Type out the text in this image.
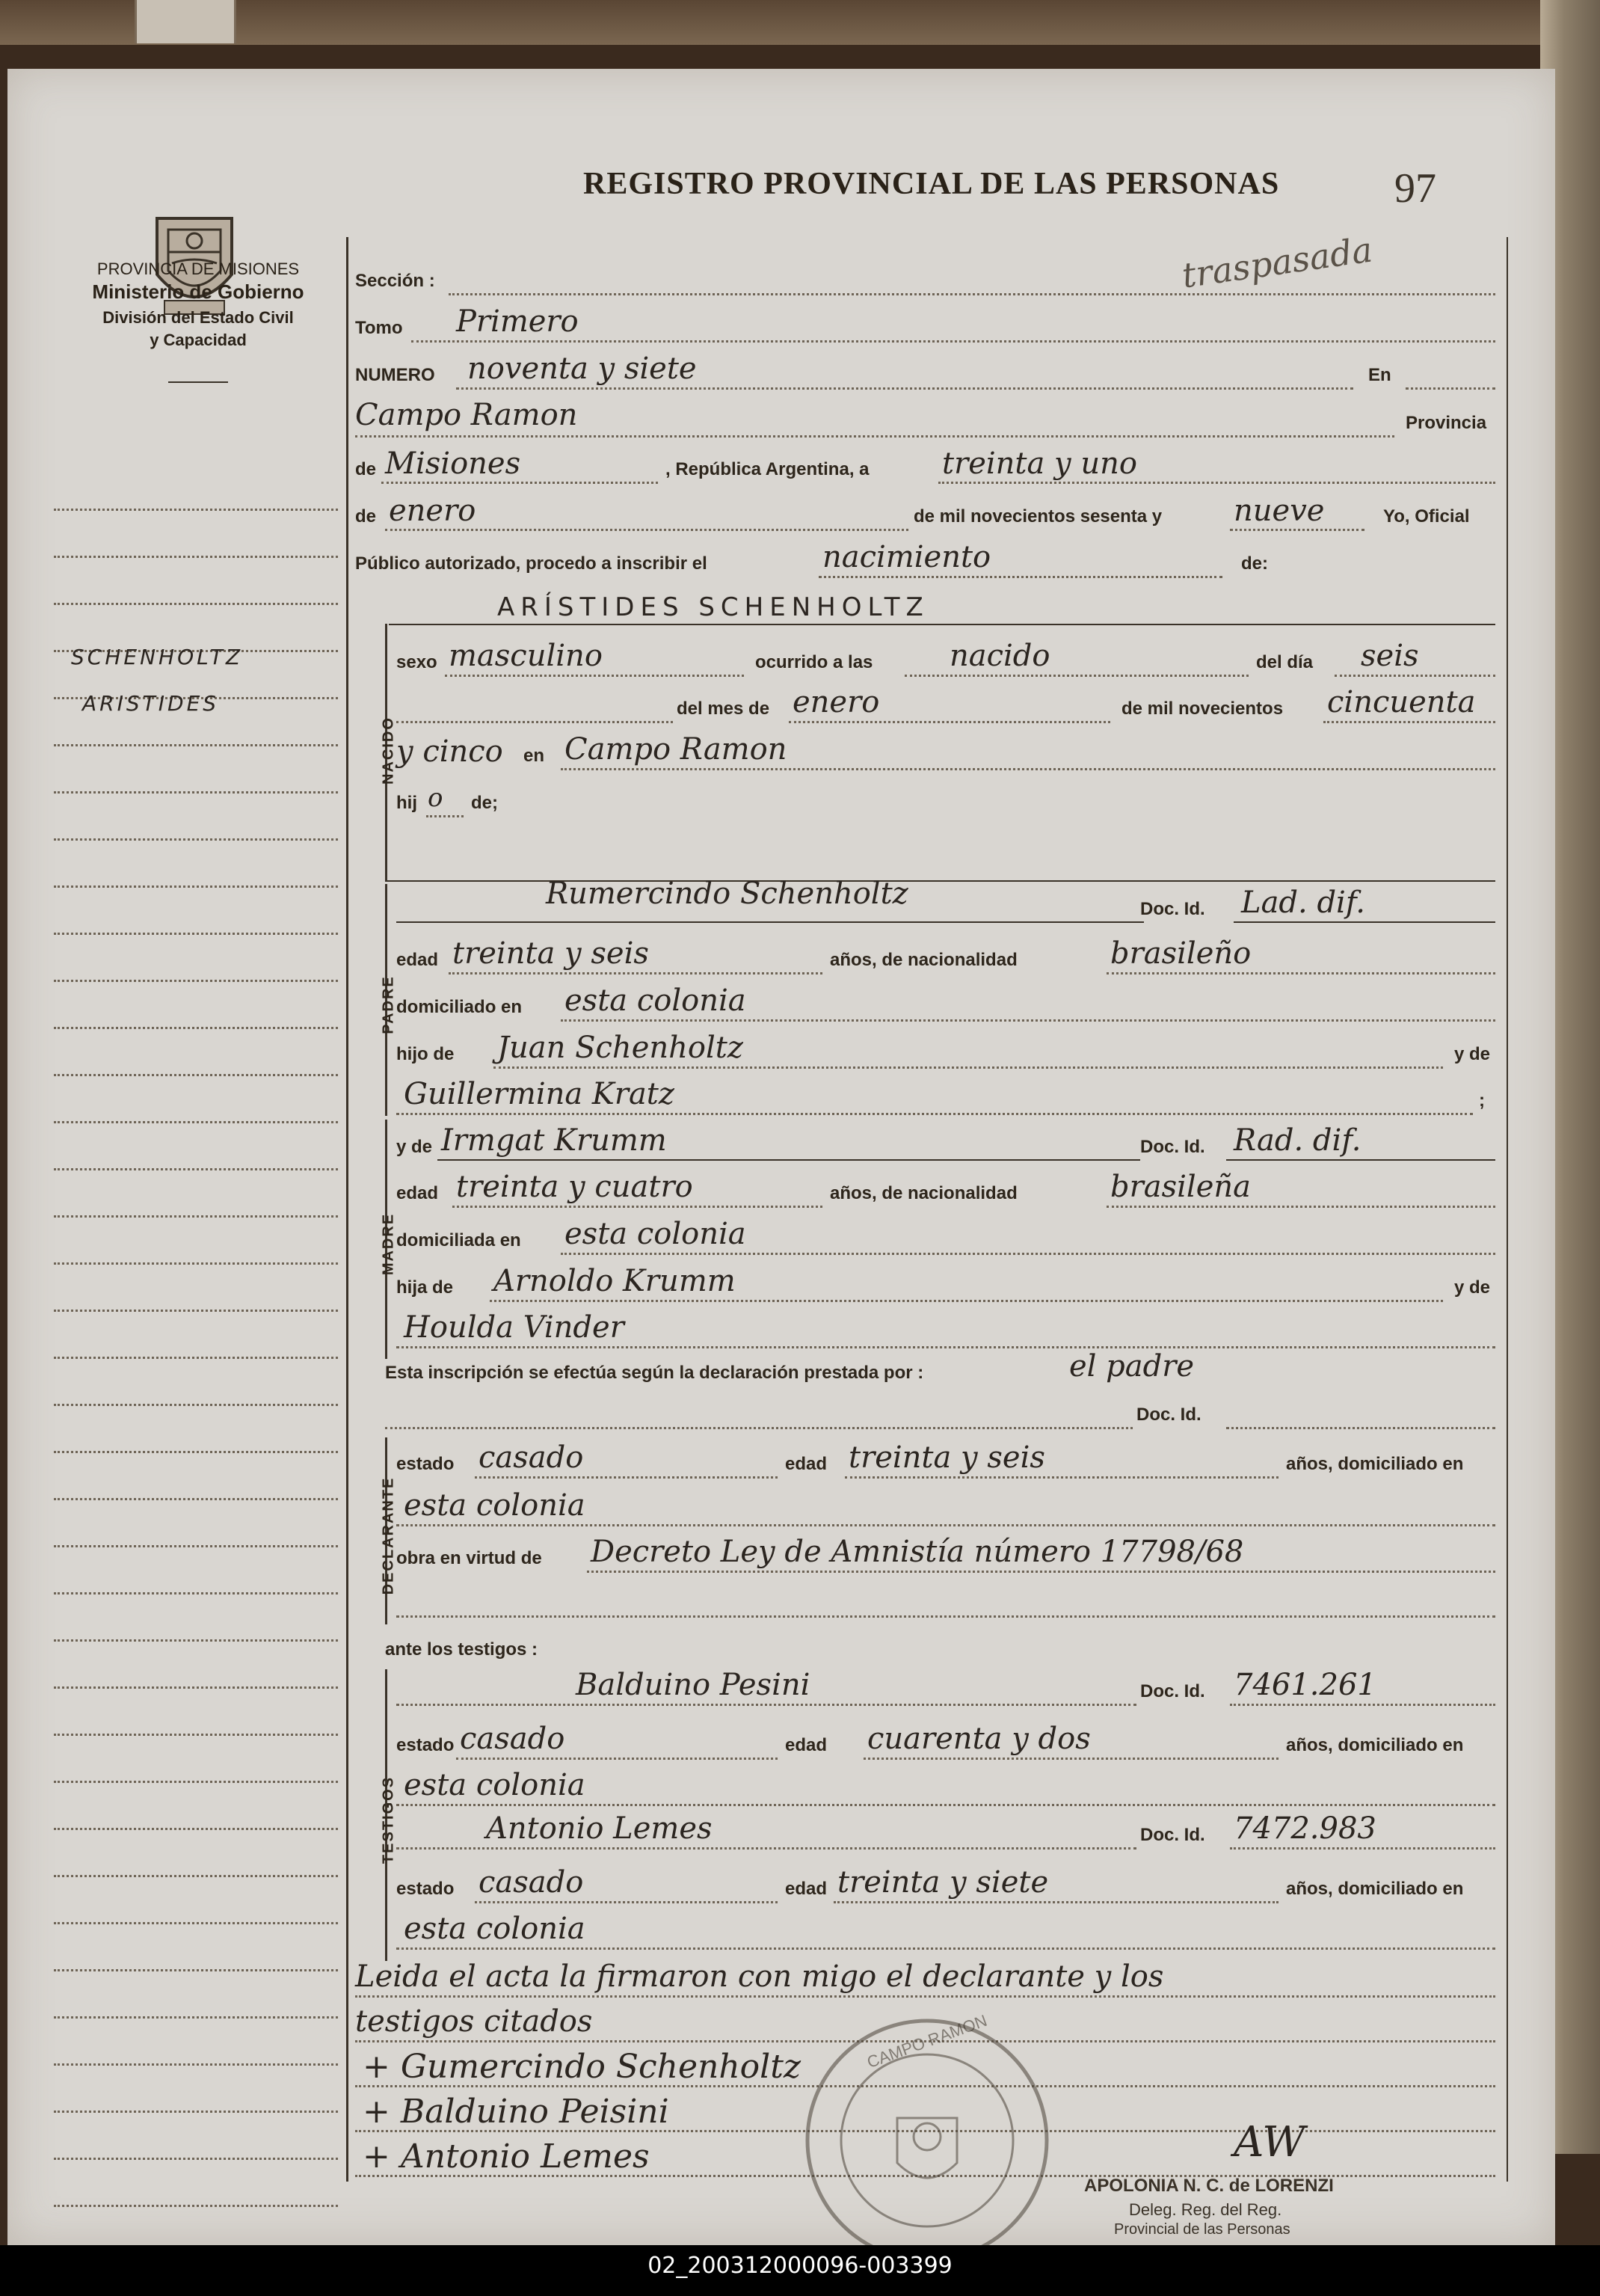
PROVINCIA DE MISIONES
Ministerio de Gobierno
División del Estado Civil
y Capacidad
SCHENHOLTZ
ARISTIDES
REGISTRO PROVINCIAL DE LAS PERSONAS	97
traspasada
Sección :
Tomo Primero
NUMERO noventa y siete	En
Campo Ramon	Provincia
de Misiones	, República Argentina, a treinta y uno
de enero	de mil novecientos sesenta y nueve	Yo, Oficial
Público autorizado, procedo a inscribir el	nacimiento	de:
ARÍSTIDES SCHENHOLTZ
NACIDO
sexo masculino	ocurrido a las	nacido	del día seis
del mes de enero	de mil novecientos cincuenta
y cinco en Campo Ramon
hij o de;
PADRE
Rumercindo Schenholtz	Doc. Id. Lad. dif.
edad treinta y seis	años, de nacionalidad	brasileño
domiciliado en esta colonia
hijo de Juan Schenholtz	y de
Guillermina Kratz	;
MADRE
y de Irmgat Krumm	Doc. Id. Rad. dif.
edad treinta y cuatro	años, de nacionalidad	brasileña
domiciliada en esta colonia
hija de Arnoldo Krumm	y de
Houlda Vinder
Esta inscripción se efectúa según la declaración prestada por :	el padre
Doc. Id.
DECLARANTE
estado casado	edad treinta y seis	años, domiciliado en
esta colonia
obra en virtud de Decreto Ley de Amnistía número 17798/68
ante los testigos :
TESTIGOS
Balduino Pesini	Doc. Id. 7461.261
estado casado	edad cuarenta y dos	años, domiciliado en
esta colonia
Antonio Lemes	Doc. Id. 7472.983
estado casado	edad treinta y siete	años, domiciliado en
esta colonia
Leida el acta la firmaron con migo el declarante y los
testigos citados
+ Gumercindo Schenholtz
+ Balduino Peisini
+ Antonio Lemes	AW
CAMPO RAMON
APOLONIA N. C. de LORENZI
Deleg. Reg. del Reg.
Provincial de las Personas
02_200312000096-003399
